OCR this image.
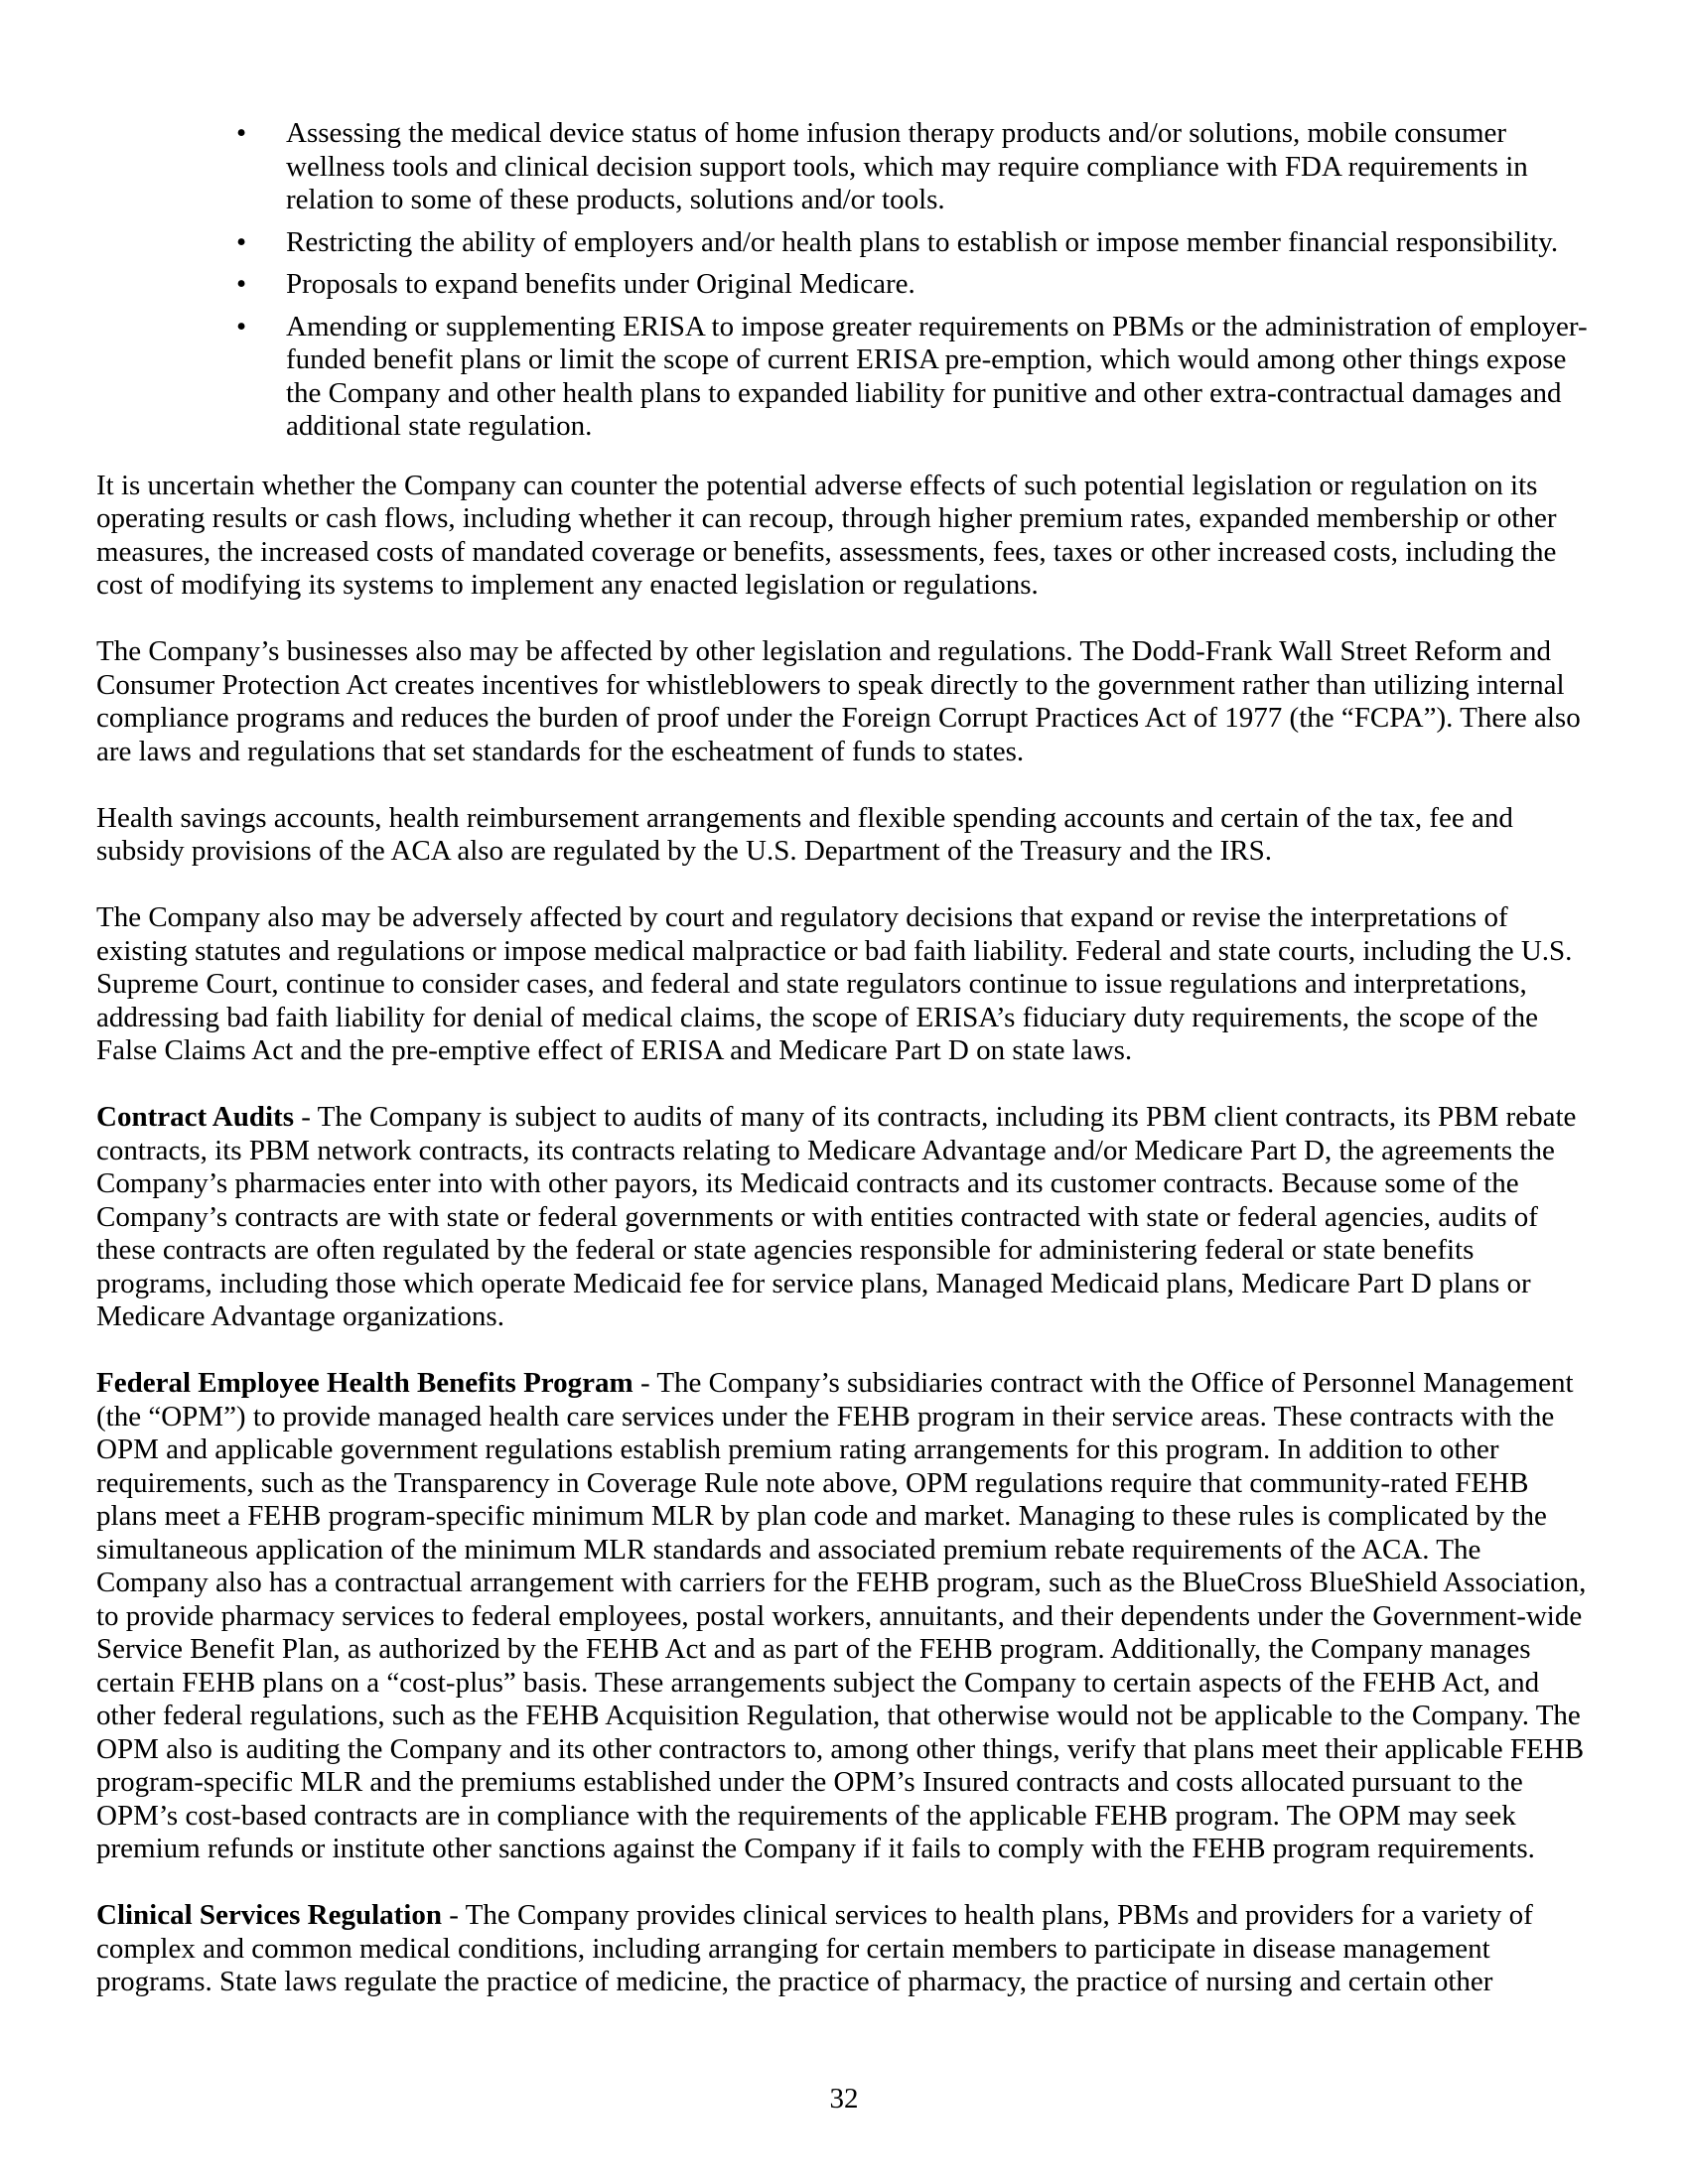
• Assessing the medical device status of home infusion therapy products and/or solutions, mobile consumer wellness tools and clinical decision support tools, which may require compliance with FDA requirements in relation to some of these products, solutions and/or tools.
• Restricting the ability of employers and/or health plans to establish or impose member financial responsibility.
• Proposals to expand benefits under Original Medicare.
• Amending or supplementing ERISA to impose greater requirements on PBMs or the administration of employer-funded benefit plans or limit the scope of current ERISA pre-emption, which would among other things expose the Company and other health plans to expanded liability for punitive and other extra-contractual damages and additional state regulation.

It is uncertain whether the Company can counter the potential adverse effects of such potential legislation or regulation on its operating results or cash flows, including whether it can recoup, through higher premium rates, expanded membership or other measures, the increased costs of mandated coverage or benefits, assessments, fees, taxes or other increased costs, including the cost of modifying its systems to implement any enacted legislation or regulations.

The Company’s businesses also may be affected by other legislation and regulations. The Dodd-Frank Wall Street Reform and Consumer Protection Act creates incentives for whistleblowers to speak directly to the government rather than utilizing internal compliance programs and reduces the burden of proof under the Foreign Corrupt Practices Act of 1977 (the “FCPA”). There also are laws and regulations that set standards for the escheatment of funds to states.

Health savings accounts, health reimbursement arrangements and flexible spending accounts and certain of the tax, fee and subsidy provisions of the ACA also are regulated by the U.S. Department of the Treasury and the IRS.

The Company also may be adversely affected by court and regulatory decisions that expand or revise the interpretations of existing statutes and regulations or impose medical malpractice or bad faith liability. Federal and state courts, including the U.S. Supreme Court, continue to consider cases, and federal and state regulators continue to issue regulations and interpretations, addressing bad faith liability for denial of medical claims, the scope of ERISA’s fiduciary duty requirements, the scope of the False Claims Act and the pre-emptive effect of ERISA and Medicare Part D on state laws.

Contract Audits - The Company is subject to audits of many of its contracts, including its PBM client contracts, its PBM rebate contracts, its PBM network contracts, its contracts relating to Medicare Advantage and/or Medicare Part D, the agreements the Company’s pharmacies enter into with other payors, its Medicaid contracts and its customer contracts. Because some of the Company’s contracts are with state or federal governments or with entities contracted with state or federal agencies, audits of these contracts are often regulated by the federal or state agencies responsible for administering federal or state benefits programs, including those which operate Medicaid fee for service plans, Managed Medicaid plans, Medicare Part D plans or Medicare Advantage organizations.

Federal Employee Health Benefits Program - The Company’s subsidiaries contract with the Office of Personnel Management (the “OPM”) to provide managed health care services under the FEHB program in their service areas. These contracts with the OPM and applicable government regulations establish premium rating arrangements for this program. In addition to other requirements, such as the Transparency in Coverage Rule note above, OPM regulations require that community-rated FEHB plans meet a FEHB program-specific minimum MLR by plan code and market. Managing to these rules is complicated by the simultaneous application of the minimum MLR standards and associated premium rebate requirements of the ACA. The Company also has a contractual arrangement with carriers for the FEHB program, such as the BlueCross BlueShield Association, to provide pharmacy services to federal employees, postal workers, annuitants, and their dependents under the Government-wide Service Benefit Plan, as authorized by the FEHB Act and as part of the FEHB program. Additionally, the Company manages certain FEHB plans on a “cost-plus” basis. These arrangements subject the Company to certain aspects of the FEHB Act, and other federal regulations, such as the FEHB Acquisition Regulation, that otherwise would not be applicable to the Company. The OPM also is auditing the Company and its other contractors to, among other things, verify that plans meet their applicable FEHB program-specific MLR and the premiums established under the OPM’s Insured contracts and costs allocated pursuant to the OPM’s cost-based contracts are in compliance with the requirements of the applicable FEHB program. The OPM may seek premium refunds or institute other sanctions against the Company if it fails to comply with the FEHB program requirements.

Clinical Services Regulation - The Company provides clinical services to health plans, PBMs and providers for a variety of complex and common medical conditions, including arranging for certain members to participate in disease management programs. State laws regulate the practice of medicine, the practice of pharmacy, the practice of nursing and certain other

32
